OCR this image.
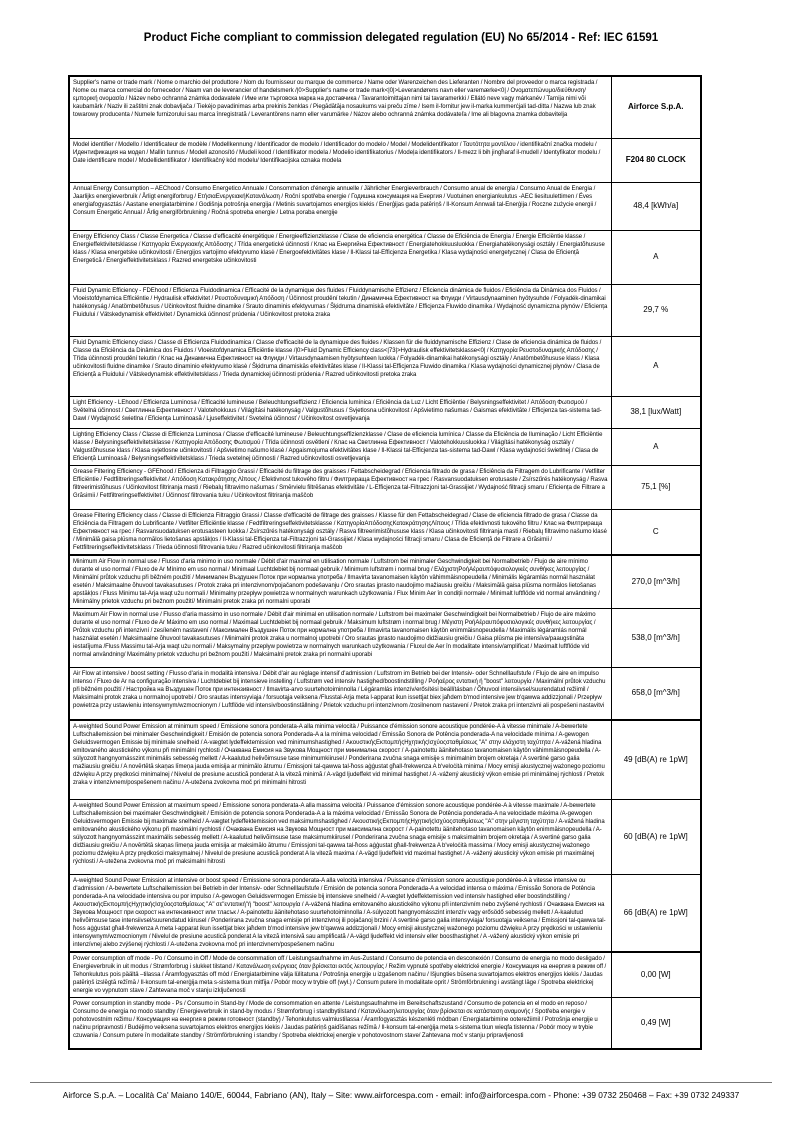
Product Fiche compliant to commission delegated regulation (EU) No 65/2014 - Ref: IEC 61591
Supplier's name or trade mark / Nome o marchio del produttore / Nom du fournisseur ou marque de commerce / Name oder Warenzeichen des Lieferanten / Nombre del proveedor o marca registrada / Nome ou marca comercial do fornecedor / Naam van de leverancier of handelsmerk /|0>Supplier's name or trade mark<|0|>Leverandørens navn eller varemærke<0| / Ονοματεπώνυμο/διεύθυνση/εμπορική ονομασία / Název nebo ochranná známka dodavatele / Име или търговска марка на доставчика / Tavarantoimittajan nimi tai tavaramerkki / Ellátó neve vagy márkanév / Tarnija nimi või kaubamärk / Naziv ili zaštitni znak dobavljača / Tiekėjo pavadinimas arba prekinis ženklas / Piegādātāja nosaukums vai preču zīme / Isem il-fornitur jew il-marka kummerċjali tad-ditta / Nazwa lub znak towarowy producenta / Numele furnizorului sau marca înregistrată / Leverantörens namn eller varumärke / Názov alebo ochranná známka dodávateľa / Ime ali blagovna znamka dobavitelja	Airforce S.p.A.
Model identifier / Modello / Identificateur de modèle / Modellkennung / Identificador de modelo / Identificador do modelo / Model / Modelidentifikator / Ταυτότητα μοντέλου / identifikační značka modelu / Идентификация на модел / Mallin tunnus / Modell azonosító / Mudeli kood / Identifikator modela / Modelio identifikatorius / Modeļa identifikators / Il-mezz li bih jingħaraf il-mudell / Identyfikator modelu / Date identificare model / Modellidentifikator / Identifikačný kód modelu/ Identifikacijska oznaka modela	F204 80 CLOCK
Annual Energy Consumption – AEChood / Consumo Energetico Annuale / Consommation d'énergie annuelle / Jährlicher Energieverbrauch / Consumo anual de energía / Consumo Anual de Energia / Jaarlijks energieverbruik / Årligt energiforbrug / ΕτήσιαΕνεργειακήΚατανάλωση / Roční spotřeba energie / Годишна консумация на Енергия / Vuotuinen energiankulutus -AEC liesituulettimen / Éves energiafogyasztás / Aastane energiatarbimine / Godišnja potrošnja energija / Metinis suvartojamos energijos kiekis / Enerģijas gada patēriņš / Il-Konsum Annwali tal-Enerġija / Roczne zużycie energii / Consum Energetic Annual / Årlig energiförbrukning / Ročná spotreba energie / Letna poraba energije	48,4 [kWh/a]
Energy Efficiency Class / Classe Energetica / Classe d'efficacité énergétique / Energieeffizienzklasse / Clase de eficiencia energética / Classe de Eficiência de Energia / Energie Efficiëntie klasse / Energieffektivitetsklasse / Κατηγορία Ενεργειακής Απόδοσης / Třída energetické účinnosti / Клас на Енергийна Ефективност / Energiatehokkuusluokka / Energiahatékonysági osztály / Energiatõhususe klass / Klasa energetske učinkovitosti / Energijos vartojimo efektyvumo klasė / Energoefektivitātes klase / Il-Klassi tal-Efficjenza Energetika / Klasa wydajności energetycznej / Clasa de Eficiență Energetică / Energieffektivitetsklass / Razred energetske učinkovitosti	A
Fluid Dynamic Efficiency - FDEhood / Efficienza Fluidodinamica / Efficacité de la dynamique des fluides / Fluiddynamische Effizienz / Eficiencia dinámica de fluidos / Eficiência da Dinâmica dos Fluidos / Vloeistofdynamica Efficiëntie / Hydraulisk effektivitet / Ρευστοδυναμική Απόδοση / Účinnost proudění tekutin / Динамична Ефективност на Флуиди / Virtausdynaaminen hyötysuhde / Folyadék-dinamikai hatékonyság / Anatömbetõhusus / Učinkovitost fluidne dinamike / Srauto dinaminis efektyvumas / Šķidruma dinamiskā efektivitāte / Efficjenza Fluwido dinamika / Wydajność dynamiczna płynów / Eficiența Fluidului / Vätskedynamisk effektivitet / Dynamická účinnosť prúdenia / Učinkovitost pretoka zraka	29,7 %
Fluid Dynamic Efficiency class / Classe di Efficienza Fluidodinamica / Classe d'efficacité de la dynamique des fluides / Klassen für die fluiddynamische Effizienz / Clase de eficiencia dinámica de fluidos / Classe da Eficiência da Dinâmica dos Fluidos / Vloeistofdynamica Efficiëntie klasse /|0>Fluid Dynamic Efficiency class<|73|>Hydraulisk effektivitetsklasse<0| / Κατηγορία Ρευστοδυναμικής Απόδοσης / Třída účinnosti proudění tekutin / Клас на Динамична Ефективност на Флуиди / Virtausdynaamisen hyötysuhteen luokka / Folyadék-dinamikai hatékonysági osztály / Anatömbetõhususe klass / Klasa učinkovitosti fluidne dinamike / Srauto dinaminio efektyvumo klasė / Šķidruma dinamiskās efektivitātes klase / Il-Klassi tal-Efficjenza Fluwido dinamika / Klasa wydajności dynamicznej płynów / Clasa de Eficiență a Fluidului / Vätskedynamisk effektivitetsklass / Trieda dynamickej účinnosti prúdenia / Razred učinkovitosti pretoka zraka	A
Light Efficiency - LEhood / Efficienza Luminosa / Efficacité lumineuse / Beleuchtungseffizienz / Eficiencia lumínica / Eficiência da Luz / Licht Efficiëntie / Belysningseffektivitet / Απόδοση Φωτισμού / Světelná účinnost / Светлинна Ефективност / Valotehokkuus / Világítási hatékonyság / Valgustõhusus / Svjetlosna učinkovitost / Apšvietimo našumas / Gaismas efektivitāte / Efficjenza tas-sistema tad-Dawl / Wydajność świetlna / Eficiența Luminoasă / Ljuseffektivitet / Svetelná účinnosť / Učinkovitost osvetljevanja	38,1 [lux/Watt]
Lighting Efficiency Class / Classe di Efficienza Luminosa / Classe d'efficacité lumineuse / Beleuchtungseffizienzklasse / Clase de eficiencia lumínica / Classe da Eficiência de Iluminação / Licht Efficiëntie klasse / Belysningseffektivitetsklasse / Κατηγορία Απόδοσης Φωτισμού / Třída účinnosti osvětlení / Клас на Светлинна Ефективност / Valotehokkuusluokka / Világítási hatékonyság osztály / Valgustõhususe klass / Klasa svjetlosne učinkovitosti / Apšvietimo našumo klasė / Apgaismojuma efektivitātes klase / Il-Klassi tal-Efficjenza tas-sistema tad-Dawl / Klasa wydajności świetlnej / Clasa de Eficiență Luminoasă / Belysningseffektivitetsklass / Trieda svetelnej účinnosti / Razred učinkovitosti osvetljevanja	A
Grease Filtering Efficiency - GFEhood / Efficienza di Filtraggio Grassi / Efficacité du filtrage des graisses / Fettabscheidegrad / Eficiencia filtrado de grasa / Eficiência da Filtragem do Lubrificante / Vetfilter Efficiëntie / Fedtfiltreringseffektivitet / Απόδοση Κατακράτησης Λίπους / Efektivnost tukového filtru / Филтрираща Ефективност на грес / Rasvansuodatuksen erotusaste / Zsírszűrés hatékonyság / Rasva filtreerimistõhusus / Učinkovitost filtriranja masti / Riebalų filtravimo našumas / Smērvielu filtrēšanas efektivitāte / L-Efficjenza tal-Filtrazzjoni tal-Grassijiet / Wydajność filtracji smaru / Eficiența de Filtrare a Grăsimii / Fettfiltreringseffektivitet / Účinnosť filtrovania tuku / Učinkovitost filtriranja maščob	75,1 [%]
Grease Filtering Efficiency class / Classe di Efficienza Filtraggio Grassi / Classe d'efficacité de filtrage des graisses / Klasse für den Fettabscheidegrad / Clase de eficiencia filtrado de grasa / Classe da Eficiência da Filtragem do Lubrificante / Vetfilter Efficiëntie klasse / Fedtfiltreringseffektivitetsklasse / ΚατηγορίαΑπόδοσηςΚατακράτησηςΛίπους / Třída efektivnosti tukového filtru / Клас на Филтрираща Ефективност на грес / Rasvansuodatuksen erotusasteen luokka / Zsírszűrés hatékonysági osztály / Rasva filtreerimistõhususe klass / Klasa učinkovitosti filtriranja masti / Riebalų filtravimo našumo klasė / Minimālā gaisa plūsma normālos lietošanas apstākļos / Il-Klassi tal-Efficjenza tal-Filtrazzjoni tal-Grassijiet / Klasa wydajności filtracji smaru / Clasa de Eficiență de Filtrare a Grăsimii / Fettfiltreringseffektivitetsklass / Trieda účinnosti filtrovania tuku / Razred učinkovitosti filtriranja maščob	C
Minimum Air Flow in normal use / Flusso d'aria minimo in uso normale / Débit d'air maximal en utilisation normale / Luftstrom bei minimaler Geschwindigkeit bei Normalbetrieb / Flujo de aire mínimo durante el uso normal / Fluxo de Ar Mínimo em uso normal / Minimaal Luchtdebiet bij normaal gebruik / Minimum luftstrøm i normal brug / ΕλάχιστηΡοήΑέραυπόφυσιολογικές συνθήκες λειτουργίας / Minimální průtok vzduchu při běžném použití / Минимален Въздушен Поток при нормална употреба / Ilmavirta tavanomaisen käytön vähimmäisnopeudella / Minimális légáramlás normál használat esetén / Maksimaalne õhuvool tavakasutuses / Protok zraka pri intenzivnom/pojačanom podešavanju / Oro srautas įprasto naudojimo mažiausiu greičiu / Maksimālā gaisa plūsma normālos lietošanas apstākļos / Fluss Minimu tal-Arja waqt użu normali / Minimalny przepływ powietrza w normalnych warunkach użytkowania / Flux Minim Aer în condiții normale / Minimalt luftflöde vid normal användning / Minimálny prietok vzduchu pri bežnom použití/ Minimalni pretok zraka pri normalni uporabi	270,0 [m^3/h]
Maximum Air Flow in normal use / Flusso d'aria massimo in uso normale / Débit d'air minimal en utilisation normale / Luftstrom bei maximaler Geschwindigkeit bei Normalbetrieb / Flujo de aire máximo durante el uso normal / Fluxo de Ar Máximo em uso normal / Maximaal Luchtdebiet bij normaal gebruik / Maksimum luftstrøm i normal brug / Μέγιστη ΡοήΑέραυπόφυσιολογικές συνθήκες λειτουργίας / Průtok vzduchu při intenzivní / zesíleném nastavení / Максимален Въздушен Поток при нормална употреба / Ilmavirta tavanomaisen käytön enimmäisnopeudella / Maximális légáramlás normál használat esetén / Maksimaalne õhuvool tavakasutuses / Minimalni protok zraka u normalnoj upotrebi / Oro srautas įprasto naudojimo didžiausiu greičiu / Gaisa plūsma pie intensīva/paaugstināta iestatījuma /Fluss Massimu tal-Arja waqt użu normali / Maksymalny przepływ powietrza w normalnych warunkach użytkowania / Fluxul de Aer în modalitate intensiv/amplificat / Maximalt luftflöde vid normal användning/ Maximálny prietok vzduchu pri bežnom použití / Maksimalni pretok zraka pri normalni uporabi	538,0 [m^3/h]
Air Flow at intensive / boost setting / Flusso d'aria in modalità intensiva / Débit d'air au réglage intensif d'admission / Luftstrom im Betrieb bei der Intensiv- oder Schnelllaufstufe / Flujo de aire en impulso intenso / Fluxo de Ar na configuração intensiva / Luchtdebiet bij intensieve instelling / Luftstrøm ved intensiv hastighed/boostindstilling / Ροήαέρος εντατική ή "boost" λειτουργία / Maximální průtok vzduchu při běžném použití / Настройка на Въздушен Поток при интензивност / Ilmavirta-arvo suurtehotoiminnolla / Légáramlás intenzív/erősítési beállításban / Õhuvool intensiivsel/suurendatud režiimil / Maksimalni protok zraka u normalnoj upotrebi / Oro srautas intensyviąja / forsuotąja veiksena /Flusstal-Arja meta l-apparat ikun issettjat biex jaħdem b'mod intensive jew b'qawwa addizzjonali / Przepływ powietrza przy ustawieniu intensywnym/wzmocnionym / Luftflöde vid intensiv/boostinställning / Prietok vzduchu pri intenzívnom /zosilnenom nastavení / Pretok zraka pri intenzivni ali pospešeni nastavitvi	658,0 [m^3/h]
A-weighted Sound Power Emission at minimum speed / Emissione sonora ponderata-A alla minima velocità / Puissance d'émission sonore acoustique pondérée-A à vitesse minimale / A-bewertete Luftschallemission bei minimaler Geschwindigkeit / Emisión de potencia sonora Ponderada-A a la mínima velocidad / Emissão Sonora de Potência ponderada-A na velocidade mínima / A-gewogen Geluidsvermogen Emissie bij minimale snelheid / A-vægtet lydeffektemission ved minimumshastighed / ΑκουστικήςΕκπομπήςΗχητικήςΙσχύοςσταθμίσεως "A" στην ελάχιστη ταχύτητα / A-vážená hladina emitovaného akustického výkonu při minimální rychlosti / Очаквана Емисия на Звукова Мощност при минимална скорост / A-painotettu äänitehotaso tavanomaisen käytön vähimmäisnopeudella / A-súlyozott hangnyomásszint minimális sebesség mellett / A-kaalutud helivõimsuse tase minimumkiirusel / Ponderirana zvučna snaga emisije s minimalnim brojem okretaja / A svertinė garso galia mažiausiu greičiu / A novērtētā skaņas līmeņa jauda emisija ar minimālo ātrumu / Emissjoni tal-qawwa tal-ħoss aġġustat għall-frekwenza A b'veloċità minima / Mocy emisji akustycznej ważonego poziomu dźwięku A przy prędkości minimalnej / Nivelul de presiune acustică ponderat A la viteză minimă / A-vägd ljudeffekt vid minimal hastighet / A -vážený akustický výkon emisie pri minimálnej rýchlosti / Pretok zraka v intenzivnem/pospešenem načinu / A-utežena zvokovna moč pri minimalni hitrosti	49 [dB(A) re 1pW]
A-weighted Sound Power Emission at maximum speed / Emissione sonora ponderata-A alla massima velocità / Puissance d'émission sonore acoustique pondérée-A à vitesse maximale / A-bewertete Luftschallemission bei maximaler Geschwindigkeit / Emisión de potencia sonora Ponderada-A a la máxima velocidad / Emissão Sonora de Potência ponderada-A na velocidade máxima /A-gewogen Geluidsvermogen Emissie bij maximale snelheid / A-vægtet lydeffektemission ved maksimumshastighed / ΑκουστικήςΕκπομπήςΗχητικήςΙσχύοςσταθμίσεως "A" στην μέγιστη ταχύτητα / A-vážená hladina emitovaného akustického výkonu při maximální rychlosti / Очаквана Емисия на Звукова Мощност при максимална скорост / A-painotettu äänitehotaso tavanomaisen käytön enimmäisnopeudella / A-súlyozott hangnyomásszint maximális sebesség mellett / A-kaalutud helivõimsuse tase maksimumkiirusel / Ponderirana zvučna snaga emisije s maksimalnim brojem okretaja / A svertinė garso galia didžiausiu greičiu / A novērtētā skaņas līmeņa jauda emisija ar maksimālo ātrumu / Emissjoni tal-qawwa tal-ħoss aġġustat għall-frekwenza A b'veloċità massima / Mocy emisji akustycznej ważonego poziomu dźwięku A przy prędkości maksymalnej / Nivelul de presiune acustică ponderat A la viteză maxima / A-vägd ljudeffekt vid maximal hastighet / A -vážený akustický výkon emisie pri maximálnej rýchlosti / A-utežena zvokovna moč pri maksimalni hitrosti	60 [dB(A) re 1pW]
A-weighted Sound Power Emission at intensive or boost speed / Emissione sonora ponderata-A alla velocità intensiva / Puissance d'émission sonore acoustique pondérée-A à vitesse intensive ou d'admission / A-bewertete Luftschallemission bei Betrieb in der Intensiv- oder Schnelllaufstufe / Emisión de potencia sonora Ponderada-A a velocidad intensa o máxima / Emissão Sonora de Potência ponderada-A na velocidade intensiva ou por impulso / A-gewogen Geluidsvermogen Emissie bij intensieve snelheid / A-vægtet lydeffektemission ved intensiv hastighed eller boostindstilling / ΑκουστικήςΕκπομπήςΗχητικήςΙσχύοςσταθμίσεως "A" σε"εντατική"ή "boost" λειτουργία / A-vážená hladina emitovaného akustického výkonu při intenzivním nebo zvýšené rychlosti / Очаквана Емисия на Звукова Мощност при скорост на интензивност или тласък / A-painotettu äänitehotaso suurtehotoiminnolla / A-súlyozott hangnyomásszint intenzív vagy erősödő sebesség mellett / A-kaalutud helivõimsuse tase intensiivsel/suurendatud kiirusel / Ponderirana zvučna snaga emisije pri intenzivnoj ili pojačanoj brzini / A svertinė garso galia intensyviąja/ forsuotąja veiksena / Emissjoni tal-qawwa tal-ħoss aġġustat għall-frekwenza A meta l-apparat ikun issettjat biex jaħdem b'mod intensive jew b'qawwa addizzjonali / Mocy emisji akustycznej ważonego poziomu dźwięku A przy prędkości w ustawieniu intensywnym/wzmocnionym / Nivelul de presiune acustică ponderat A la viteză intensivă sau amplificată / A-vägd ljudeffekt vid intensiv eller boosthastighet / A -vážený akustický výkon emisie pri intenzívnej alebo zvýšenej rýchlosti / A-utežena zvokovna moč pri intenzivnem/pospešenem načinu	66 [dB(A) re 1pW]
Power consumption off mode - Po / Consumo in Off / Mode de consommation off / Leistungsaufnahme im Aus-Zustand / Consumo de potencia en desconexión / Consumo de energia no modo desligado / Energieverbruik in uit modus / Strømforbrug i slukket tilstand / Κατανάλωση ενέργειας όταν βρίσκεται εκτός λειτουργίας / Režim vypnuté spotřeby elektrické energie / Консумация на енергия в режим off / Tehonkulutus pois päältä –tilassa / Áramfogyasztás off mód / Energiatarbimine välja lülitatuna / Potrošnja energije u izgašenom načinu / Išjungties būsena suvartojamos elektros energijos kiekis / Jaudas patēriņš izslēgtā režīmā / Il-konsum tal-enerġija meta s-sistema tkun mitfija / Pobór mocy w trybie off (wył.) / Consum putere în modalitate oprit / Strömförbrukning i avstängt läge / Spotreba elektrickej energie vo vypnutom stave / Zahtevana moč v stanju izključenosti	0,00 [W]
Power consumption in standby mode - Ps / Consumo in Stand-by / Mode de consommation en attente / Leistungsaufnahme im Bereitschaftszustand / Consumo de potencia en el modo en reposo / Consumo de energia no modo standby / Energieverbruik in stand-by modus / Strømforbrug i standbytilstand / Κατανάλωσηλειτουργίας όταν βρίσκεται σε κατάσταση αναμονής / Spotřeba energie v pohotovostním režimu / Консумация на енергия в режим готовност (standby) / Tehonkulutus valmiustilassa / Áramfogyasztás készenléti módban / Energiatarbimine ooterežiimil / Potrošnja energije u načinu pripravnosti / Budėjimo veiksena suvartojamos elektros energijos kiekis / Jaudas patēriņš gaidīšanas režīmā / Il-konsum tal-enerġija meta s-sistema tkun wieqfa tistenna / Pobór mocy w trybie czuwania / Consum putere în modalitate standby / Strömförbrukning i standby / Spotreba elektrickej energie v pohotovostnom stave/ Zahtevana moč v stanju pripravljenosti	0,49 [W]
Airforce S.p.A. – Località Ca' Maiano 140/E, 60044, Fabriano (AN), Italy – Site: www.airforcespa.com - email: info@airforcespa.com - Phone: +39 0732 250468 – Fax: +39 0732 249337
